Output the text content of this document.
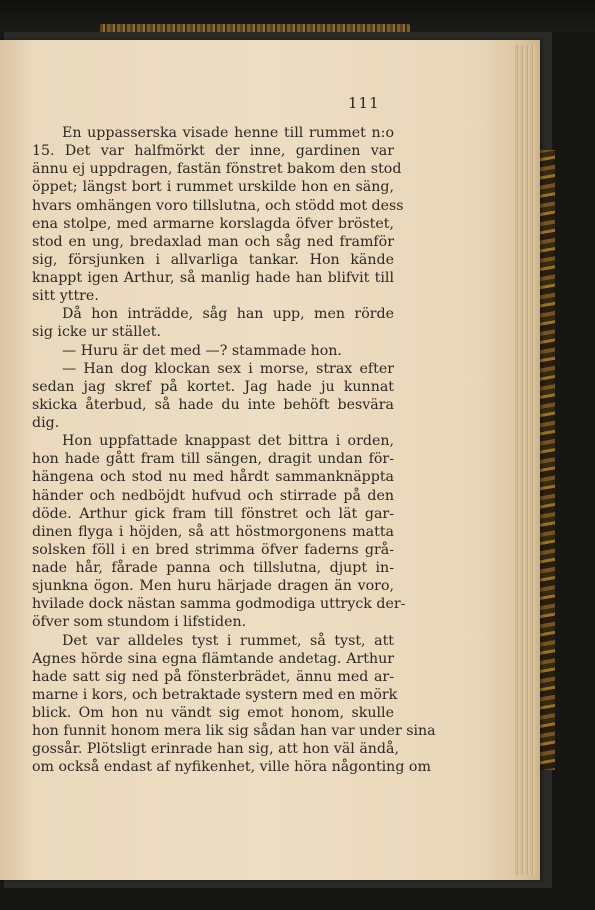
111

En uppasserska visade henne till rummet n:o
15. Det var halfmörkt der inne, gardinen var
ännu ej uppdragen, fastän fönstret bakom den stod
öppet; längst bort i rummet urskilde hon en säng,
hvars omhängen voro tillslutna, och stödd mot dess
ena stolpe, med armarne korslagda öfver bröstet,
stod en ung, bredaxlad man och såg ned framför
sig, försjunken i allvarliga tankar. Hon kände
knappt igen Arthur, så manlig hade han blifvit till
sitt yttre.

Då hon inträdde, såg han upp, men rörde
sig icke ur stället.

— Huru är det med —? stammade hon.

— Han dog klockan sex i morse, strax efter
sedan jag skref på kortet. Jag hade ju kunnat
skicka återbud, så hade du inte behöft besvära
dig.

Hon uppfattade knappast det bittra i orden,
hon hade gått fram till sängen, dragit undan för-
hängena och stod nu med hårdt sammanknäppta
händer och nedböjdt hufvud och stirrade på den
döde. Arthur gick fram till fönstret och lät gar-
dinen flyga i höjden, så att höstmorgonens matta
solsken föll i en bred strimma öfver faderns grå-
nade hår, fårade panna och tillslutna, djupt in-
sjunkna ögon. Men huru härjade dragen än voro,
hvilade dock nästan samma godmodiga uttryck der-
öfver som stundom i lifstiden.

Det var alldeles tyst i rummet, så tyst, att
Agnes hörde sina egna flämtande andetag. Arthur
hade satt sig ned på fönsterbrädet, ännu med ar-
marne i kors, och betraktade systern med en mörk
blick. Om hon nu vändt sig emot honom, skulle
hon funnit honom mera lik sig sådan han var under sina
gossår. Plötsligt erinrade han sig, att hon väl ändå,
om också endast af nyfikenhet, ville höra någonting om
